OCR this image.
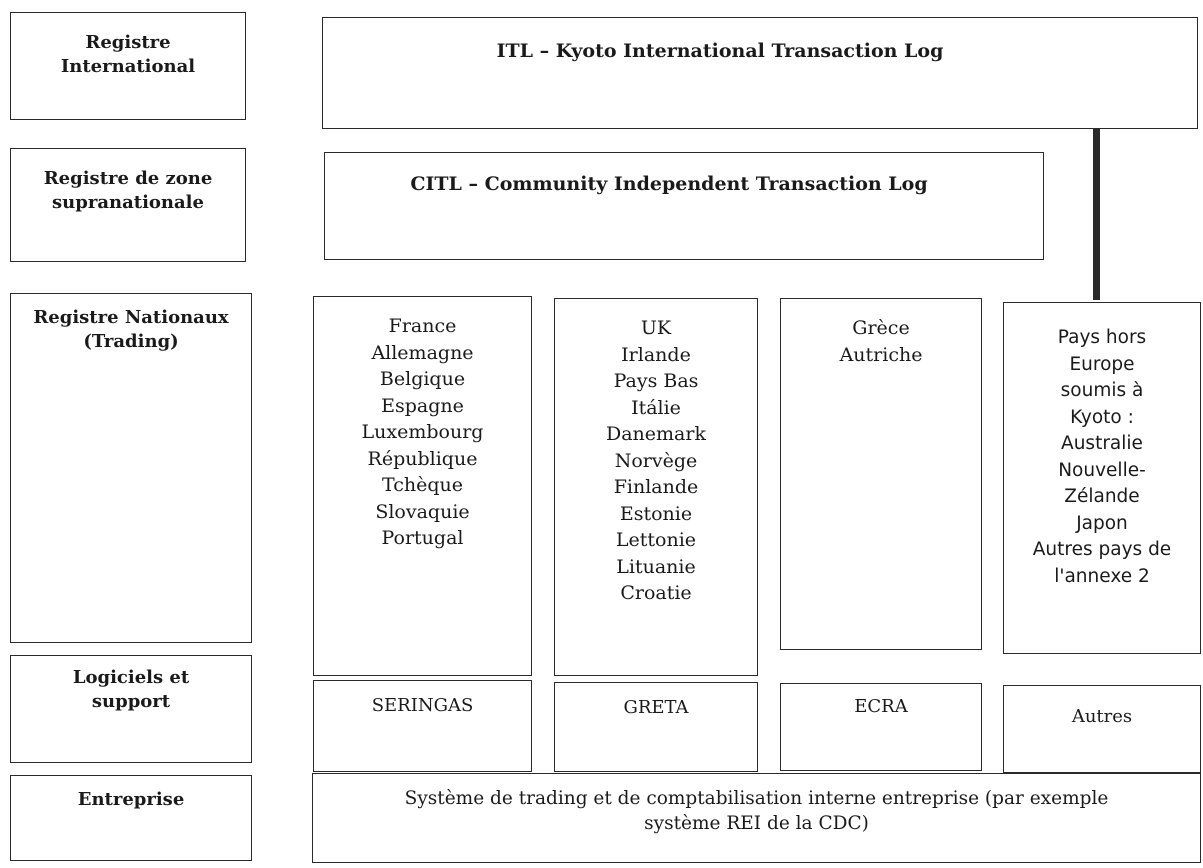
Registre
International
Registre de zone
supranationale
Registre Nationaux
(Trading)
Logiciels et
support
Entreprise
ITL – Kyoto International Transaction Log
CITL – Community Independent Transaction Log
France
Allemagne
Belgique
Espagne
Luxembourg
République
Tchèque
Slovaquie
Portugal
UK
Irlande
Pays Bas
Itálie
Danemark
Norvège
Finlande
Estonie
Lettonie
Lituanie
Croatie
Grèce
Autriche
Pays hors
Europe
soumis à
Kyoto :
Australie
Nouvelle-
Zélande
Japon
Autres pays de
l'annexe 2
SERINGAS	GRETA	ECRA	Autres
Système de trading et de comptabilisation interne entreprise (par exemple
système REI de la CDC)
